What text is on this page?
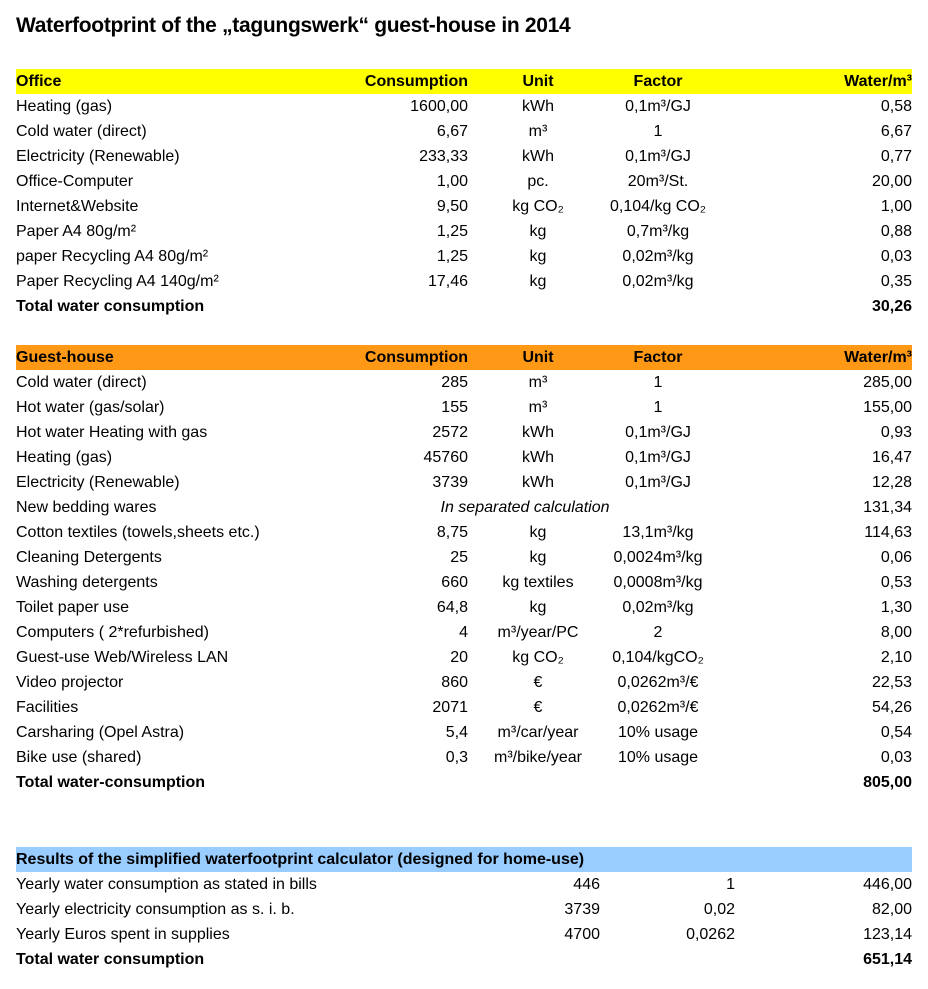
Waterfootprint of the „tagungswerk“ guest-house in 2014
Office	Consumption	Unit	Factor	Water/m³
Heating (gas)	1600,00	kWh	0,1m³/GJ	0,58
Cold water (direct)	6,67	m³	1	6,67
Electricity (Renewable)	233,33	kWh	0,1m³/GJ	0,77
Office-Computer	1,00	pc.	20m³/St.	20,00
Internet&Website	9,50	kg CO₂	0,104/kg CO₂	1,00
Paper A4 80g/m²	1,25	kg	0,7m³/kg	0,88
paper Recycling A4 80g/m²	1,25	kg	0,02m³/kg	0,03
Paper Recycling A4 140g/m²	17,46	kg	0,02m³/kg	0,35
Total water consumption				30,26
Guest-house	Consumption	Unit	Factor	Water/m³
Cold water (direct)	285	m³	1	285,00
Hot water (gas/solar)	155	m³	1	155,00
Hot water Heating with gas	2572	kWh	0,1m³/GJ	0,93
Heating (gas)	45760	kWh	0,1m³/GJ	16,47
Electricity (Renewable)	3739	kWh	0,1m³/GJ	12,28
New bedding wares	In separated calculation			131,34
Cotton textiles (towels,sheets etc.)	8,75	kg	13,1m³/kg	114,63
Cleaning Detergents	25	kg	0,0024m³/kg	0,06
Washing detergents	660	kg textiles	0,0008m³/kg	0,53
Toilet paper use	64,8	kg	0,02m³/kg	1,30
Computers ( 2*refurbished)	4	m³/year/PC	2	8,00
Guest-use Web/Wireless LAN	20	kg CO₂	0,104/kgCO₂	2,10
Video projector	860	€	0,0262m³/€	22,53
Facilities	2071	€	0,0262m³/€	54,26
Carsharing (Opel Astra)	5,4	m³/car/year	10% usage	0,54
Bike use (shared)	0,3	m³/bike/year	10% usage	0,03
Total water-consumption				805,00
Results of the simplified waterfootprint calculator (designed for home-use)			
Yearly water consumption as stated in bills	446	1	446,00
Yearly electricity consumption as s. i. b.	3739	0,02	82,00
Yearly Euros spent in supplies	4700	0,0262	123,14
Total water consumption			651,14
